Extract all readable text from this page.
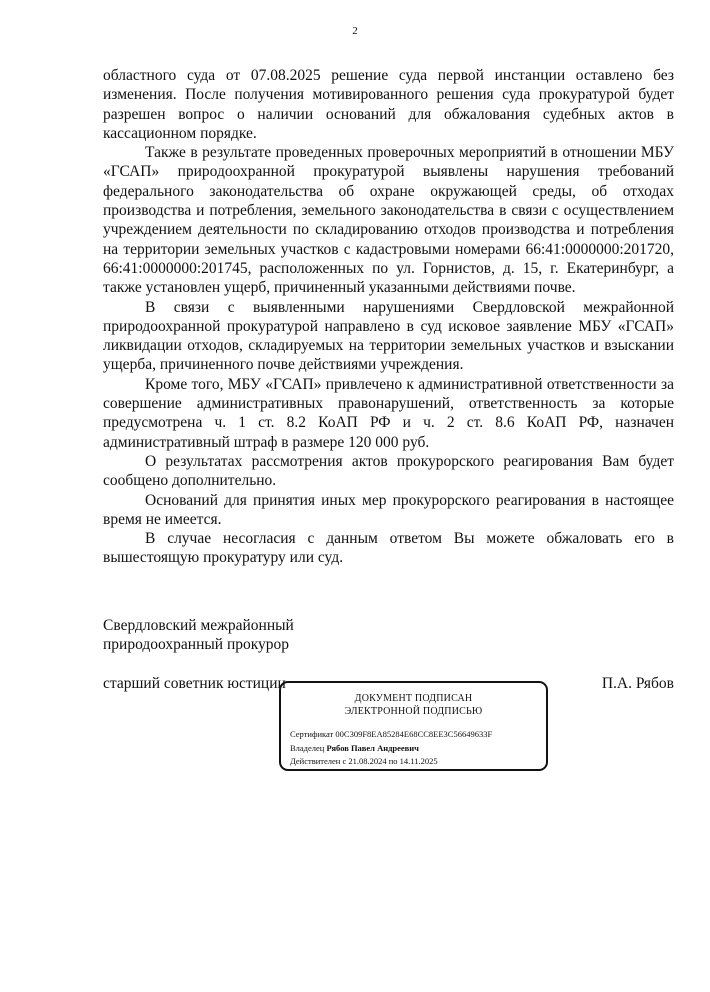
2

областного суда от 07.08.2025 решение суда первой инстанции оставлено без изменения. После получения мотивированного решения суда прокуратурой будет разрешен вопрос о наличии оснований для обжалования судебных актов в кассационном порядке.

Также в результате проведенных проверочных мероприятий в отношении МБУ «ГСАП» природоохранной прокуратурой выявлены нарушения требований федерального законодательства об охране окружающей среды, об отходах производства и потребления, земельного законодательства в связи с осуществлением учреждением деятельности по складированию отходов производства и потребления на территории земельных участков с кадастровыми номерами 66:41:0000000:201720, 66:41:0000000:201745, расположенных по ул. Горнистов, д. 15, г. Екатеринбург, а также установлен ущерб, причиненный указанными действиями почве.

В связи с выявленными нарушениями Свердловской межрайонной природоохранной прокуратурой направлено в суд исковое заявление МБУ «ГСАП» ликвидации отходов, складируемых на территории земельных участков и взыскании ущерба, причиненного почве действиями учреждения.

Кроме того, МБУ «ГСАП» привлечено к административной ответственности за совершение административных правонарушений, ответственность за которые предусмотрена ч. 1 ст. 8.2 КоАП РФ и ч. 2 ст. 8.6 КоАП РФ, назначен административный штраф в размере 120 000 руб.

О результатах рассмотрения актов прокурорского реагирования Вам будет сообщено дополнительно.

Оснований для принятия иных мер прокурорского реагирования в настоящее время не имеется.

В случае несогласия с данным ответом Вы можете обжаловать его в вышестоящую прокуратуру или суд.

Свердловский межрайонный
природоохранный прокурор
старший советник юстиции	П.А. Рябов
ДОКУМЕНТ ПОДПИСАН
ЭЛЕКТРОННОЙ ПОДПИСЬЮ
Сертификат 00C309F8EA85284E68CC8EE3C56649633F
Владелец Рябов Павел Андреевич
Действителен с 21.08.2024 по 14.11.2025
